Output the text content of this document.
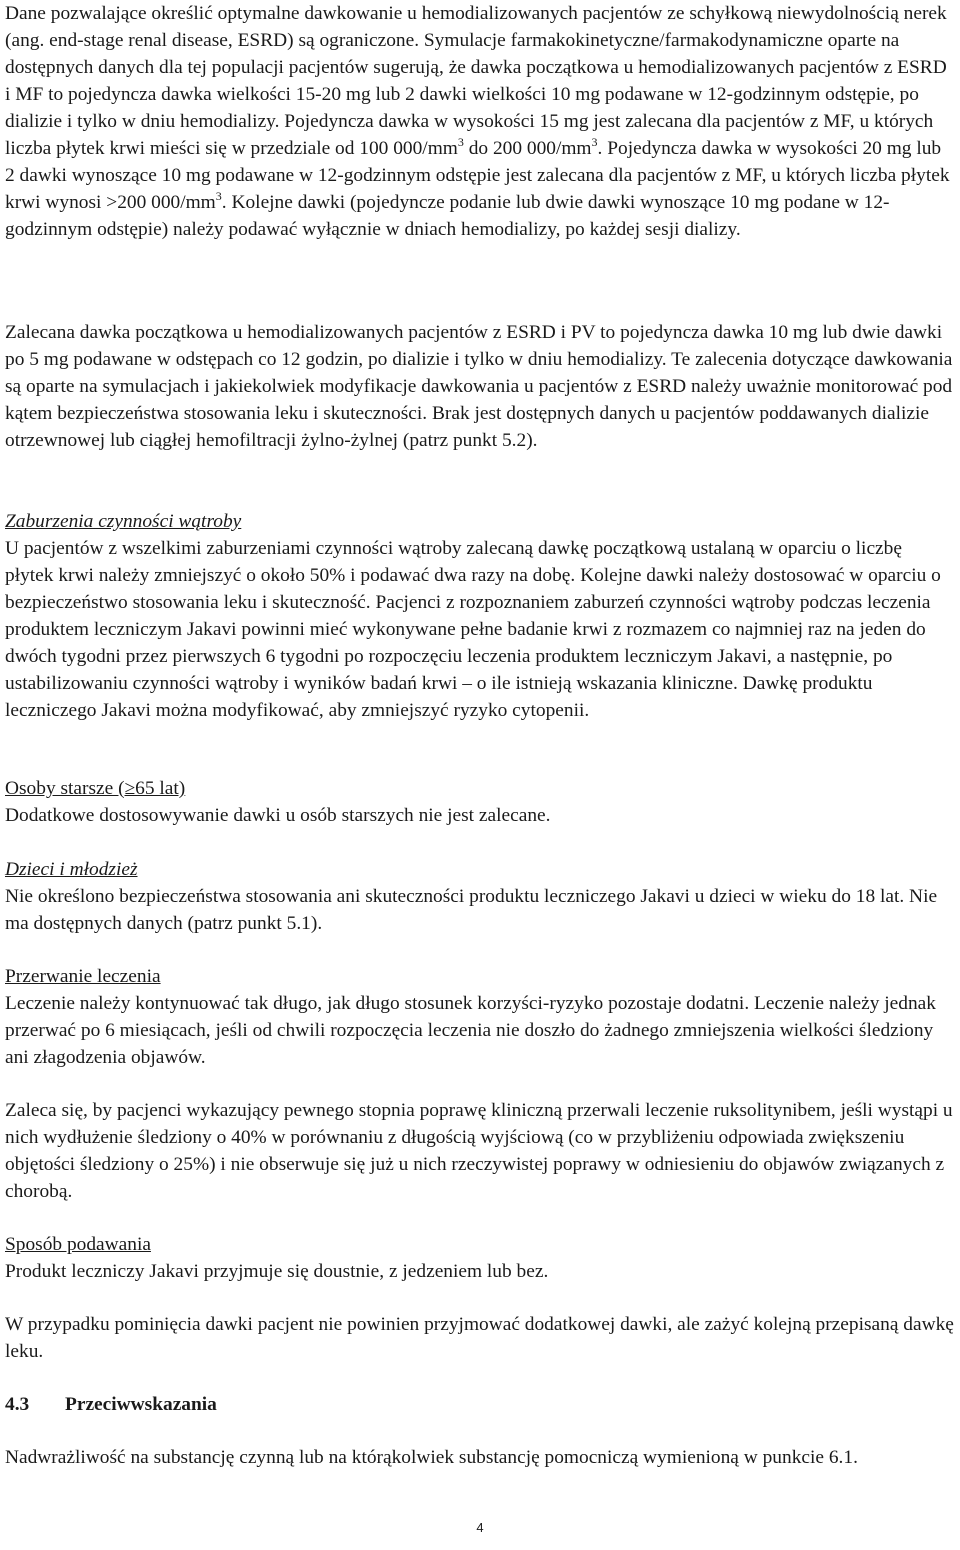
Dane pozwalające określić optymalne dawkowanie u hemodializowanych pacjentów ze schyłkową niewydolnością nerek (ang. end-stage renal disease, ESRD) są ograniczone. Symulacje farmakokinetyczne/farmakodynamiczne oparte na dostępnych danych dla tej populacji pacjentów sugerują, że dawka początkowa u hemodializowanych pacjentów z ESRD i MF to pojedyncza dawka wielkości 15-20 mg lub 2 dawki wielkości 10 mg podawane w 12-godzinnym odstępie, po dializie i tylko w dniu hemodializy. Pojedyncza dawka w wysokości 15 mg jest zalecana dla pacjentów z MF, u których liczba płytek krwi mieści się w przedziale od 100 $000/mm^3$ do 200 $000/mm^3$. Pojedyncza dawka w wysokości 20 mg lub 2 dawki wynoszące 10 mg podawane w 12-godzinnym odstępie jest zalecana dla pacjentów z MF, u których liczba płytek krwi wynosi >200 $000/mm^3$. Kolejne dawki (pojedyncze podanie lub dwie dawki wynoszące 10 mg podane w 12-godzinnym odstępie) należy podawać wyłącznie w dniach hemodializy, po każdej sesji dializy.

Zalecana dawka początkowa u hemodializowanych pacjentów z ESRD i PV to pojedyncza dawka 10 mg lub dwie dawki po 5 mg podawane w odstępach co 12 godzin, po dializie i tylko w dniu hemodializy. Te zalecenia dotyczące dawkowania są oparte na symulacjach i jakiekolwiek modyfikacje dawkowania u pacjentów z ESRD należy uważnie monitorować pod kątem bezpieczeństwa stosowania leku i skuteczności. Brak jest dostępnych danych u pacjentów poddawanych dializie otrzewnowej lub ciągłej hemofiltracji żylno-żylnej (patrz punkt 5.2).

Zaburzenia czynności wątroby

U pacjentów z wszelkimi zaburzeniami czynności wątroby zalecaną dawkę początkową ustalaną w oparciu o liczbę płytek krwi należy zmniejszyć o około 50% i podawać dwa razy na dobę. Kolejne dawki należy dostosować w oparciu o bezpieczeństwo stosowania leku i skuteczność. Pacjenci z rozpoznaniem zaburzeń czynności wątroby podczas leczenia produktem leczniczym Jakavi powinni mieć wykonywane pełne badanie krwi z rozmazem co najmniej raz na jeden do dwóch tygodni przez pierwszych 6 tygodni po rozpoczęciu leczenia produktem leczniczym Jakavi, a następnie, po ustabilizowaniu czynności wątroby i wyników badań krwi – o ile istnieją wskazania kliniczne. Dawkę produktu leczniczego Jakavi można modyfikować, aby zmniejszyć ryzyko cytopenii.

Osoby starsze (≥65 lat)

Dodatkowe dostosowywanie dawki u osób starszych nie jest zalecane.

Dzieci i młodzież

Nie określono bezpieczeństwa stosowania ani skuteczności produktu leczniczego Jakavi u dzieci w wieku do 18 lat. Nie ma dostępnych danych (patrz punkt 5.1).

Przerwanie leczenia

Leczenie należy kontynuować tak długo, jak długo stosunek korzyści-ryzyko pozostaje dodatni. Leczenie należy jednak przerwać po 6 miesiącach, jeśli od chwili rozpoczęcia leczenia nie doszło do żadnego zmniejszenia wielkości śledziony ani złagodzenia objawów.

Zaleca się, by pacjenci wykazujący pewnego stopnia poprawę kliniczną przerwali leczenie ruksolitynibem, jeśli wystąpi u nich wydłużenie śledziony o 40% w porównaniu z długością wyjściową (co w przybliżeniu odpowiada zwiększeniu objętości śledziony o 25%) i nie obserwuje się już u nich rzeczywistej poprawy w odniesieniu do objawów związanych z chorobą.

Sposób podawania

Produkt leczniczy Jakavi przyjmuje się doustnie, z jedzeniem lub bez.

W przypadku pominięcia dawki pacjent nie powinien przyjmować dodatkowej dawki, ale zażyć kolejną przepisaną dawkę leku.

4.3 Przeciwwskazania

Nadwrażliwość na substancję czynną lub na którąkolwiek substancję pomocniczą wymienioną w punkcie 6.1.

4
